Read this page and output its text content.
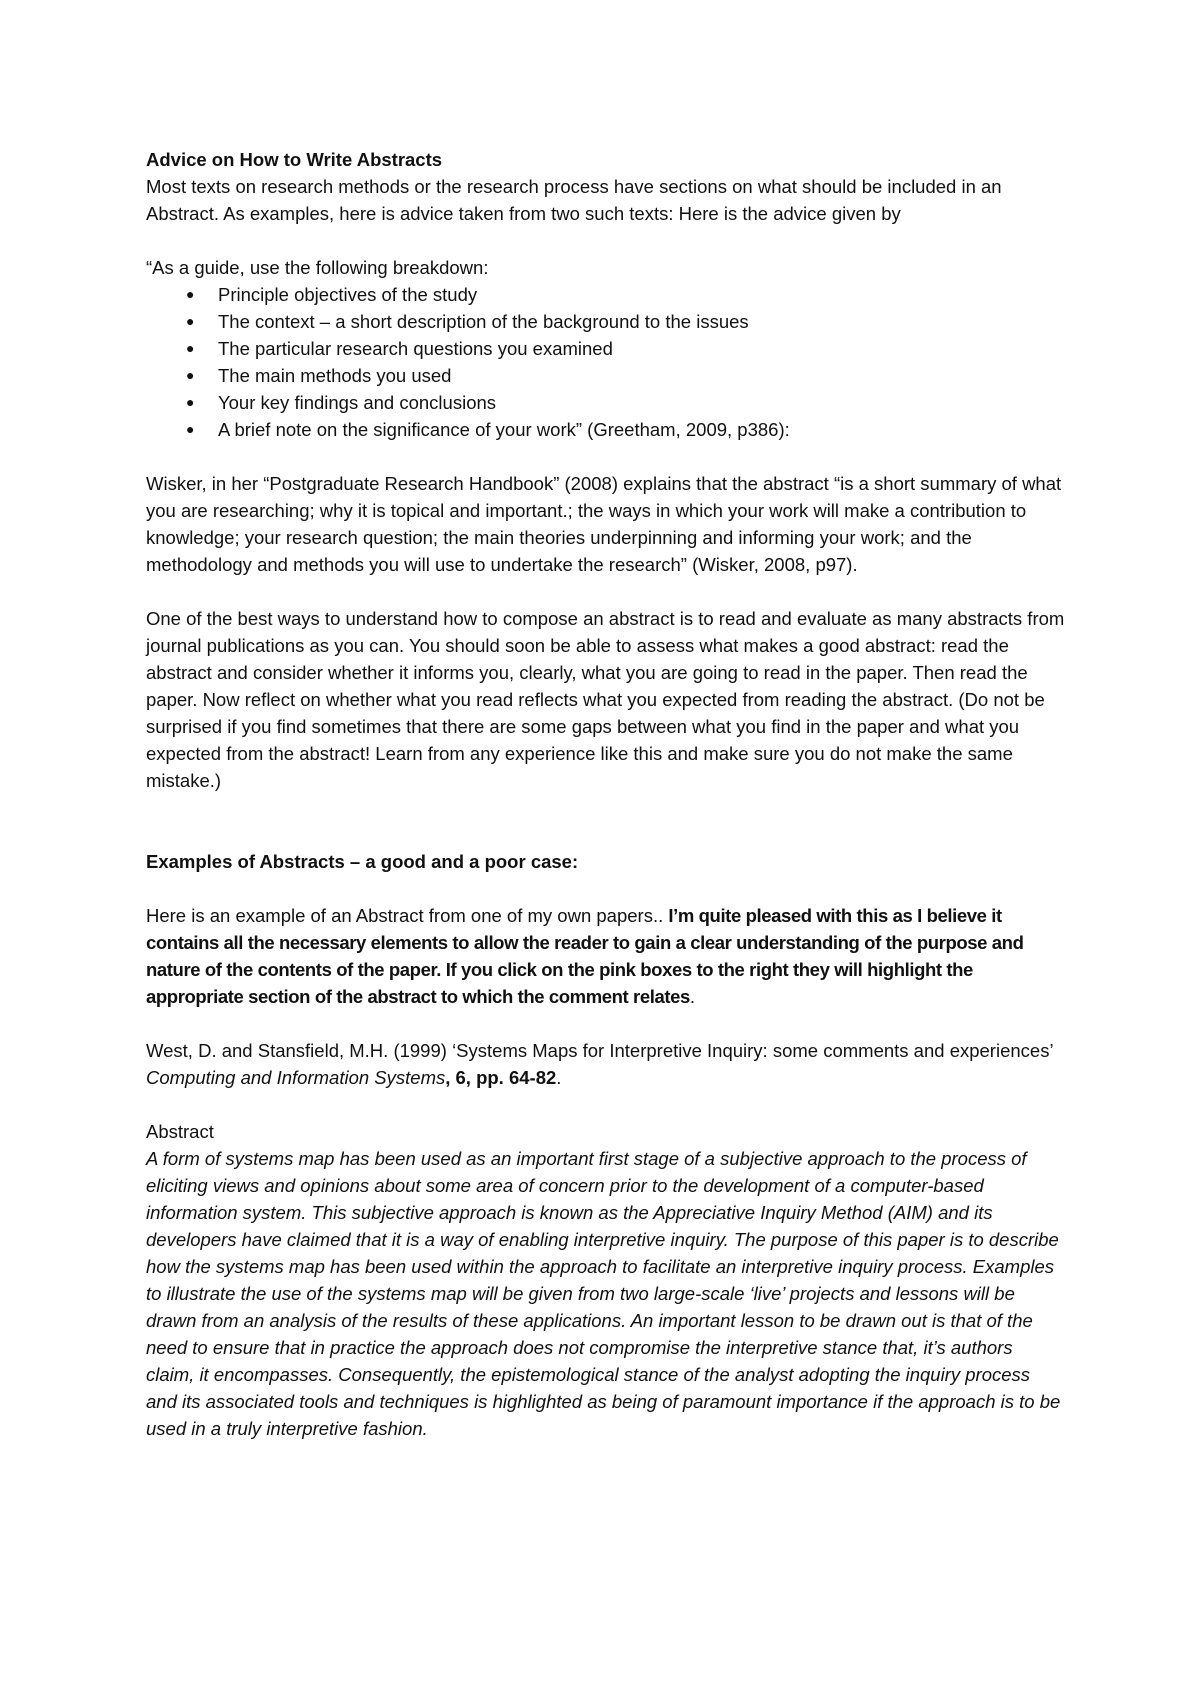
Advice on How to Write Abstracts

Most texts on research methods or the research process have sections on what should be included in an Abstract. As examples, here is advice taken from two such texts: Here is the advice given by

“As a guide, use the following breakdown:

● Principle objectives of the study
● The context – a short description of the background to the issues
● The particular research questions you examined
● The main methods you used
● Your key findings and conclusions
● A brief note on the significance of your work” (Greetham, 2009, p386):

Wisker, in her “Postgraduate Research Handbook” (2008) explains that the abstract “is a short summary of what you are researching; why it is topical and important.; the ways in which your work will make a contribution to knowledge; your research question; the main theories underpinning and informing your work; and the methodology and methods you will use to undertake the research” (Wisker, 2008, p97).

One of the best ways to understand how to compose an abstract is to read and evaluate as many abstracts from journal publications as you can. You should soon be able to assess what makes a good abstract: read the abstract and consider whether it informs you, clearly, what you are going to read in the paper. Then read the paper. Now reflect on whether what you read reflects what you expected from reading the abstract. (Do not be surprised if you find sometimes that there are some gaps between what you find in the paper and what you expected from the abstract! Learn from any experience like this and make sure you do not make the same mistake.)

Examples of Abstracts – a good and a poor case:

Here is an example of an Abstract from one of my own papers.. I’m quite pleased with this as I believe it contains all the necessary elements to allow the reader to gain a clear understanding of the purpose and nature of the contents of the paper. If you click on the pink boxes to the right they will highlight the appropriate section of the abstract to which the comment relates.

West, D. and Stansfield, M.H. (1999) ‘Systems Maps for Interpretive Inquiry: some comments and experiences’ Computing and Information Systems, 6, pp. 64-82.

Abstract

A form of systems map has been used as an important first stage of a subjective approach to the process of eliciting views and opinions about some area of concern prior to the development of a computer-based information system. This subjective approach is known as the Appreciative Inquiry Method (AIM) and its developers have claimed that it is a way of enabling interpretive inquiry. The purpose of this paper is to describe how the systems map has been used within the approach to facilitate an interpretive inquiry process. Examples to illustrate the use of the systems map will be given from two large-scale ‘live’ projects and lessons will be drawn from an analysis of the results of these applications. An important lesson to be drawn out is that of the need to ensure that in practice the approach does not compromise the interpretive stance that, it’s authors claim, it encompasses. Consequently, the epistemological stance of the analyst adopting the inquiry process and its associated tools and techniques is highlighted as being of paramount importance if the approach is to be used in a truly interpretive fashion.
